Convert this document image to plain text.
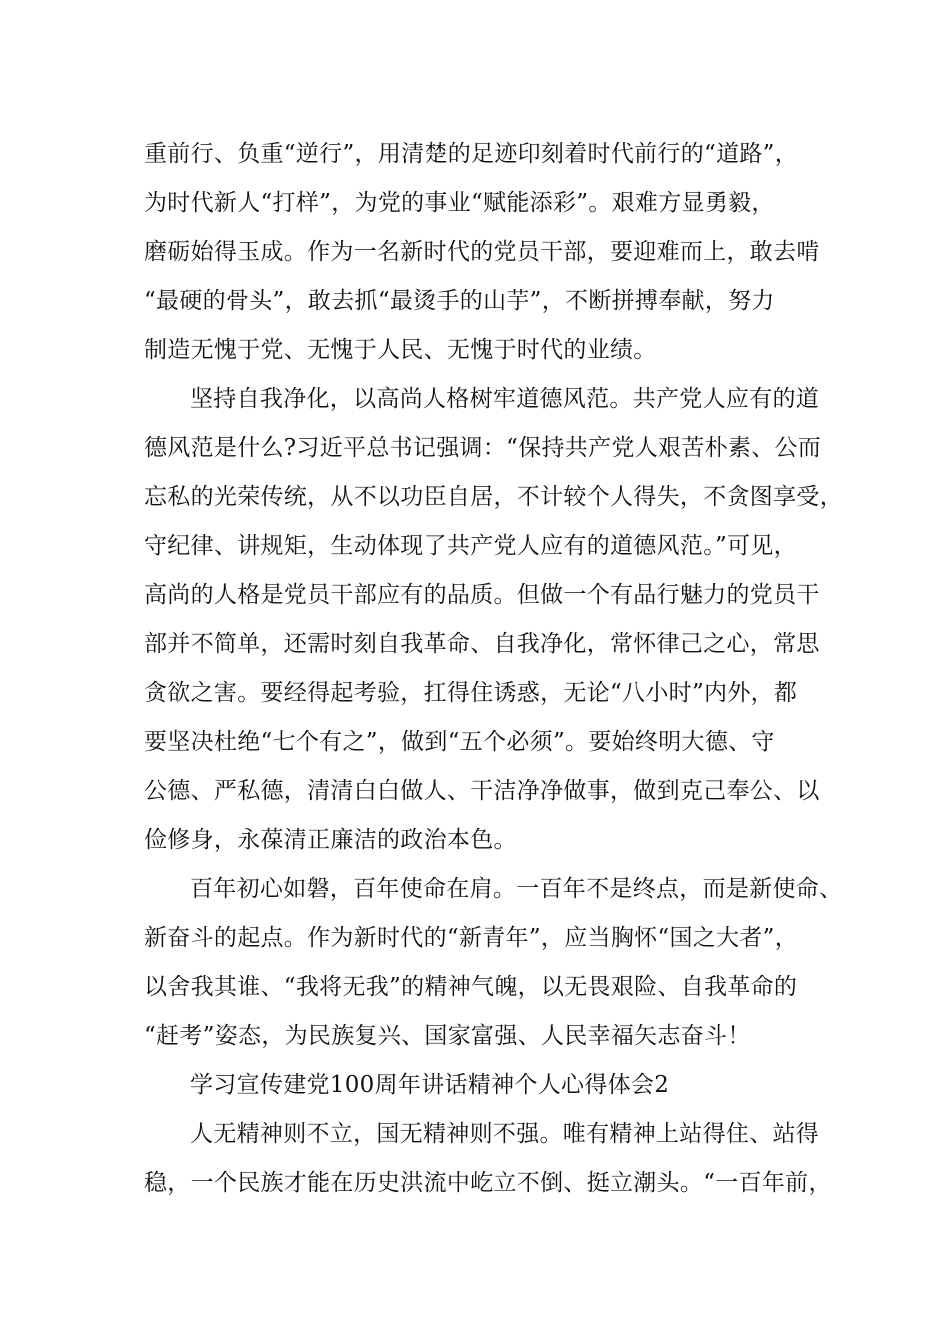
重前行、负重“逆行”，用清楚的足迹印刻着时代前行的“道路”，
为时代新人“打样”，为党的事业“赋能添彩”。艰难方显勇毅，
磨砺始得玉成。作为一名新时代的党员干部，要迎难而上，敢去啃
“最硬的骨头”，敢去抓“最烫手的山芋”，不断拼搏奉献，努力
制造无愧于党、无愧于人民、无愧于时代的业绩。
坚持自我净化，以高尚人格树牢道德风范。共产党人应有的道
德风范是什么?习近平总书记强调：“保持共产党人艰苦朴素、公而
忘私的光荣传统，从不以功臣自居，不计较个人得失，不贪图享受，
守纪律、讲规矩，生动体现了共产党人应有的道德风范。”可见，
高尚的人格是党员干部应有的品质。但做一个有品行魅力的党员干
部并不简单，还需时刻自我革命、自我净化，常怀律己之心，常思
贪欲之害。要经得起考验，扛得住诱惑，无论“八小时”内外，都
要坚决杜绝“七个有之”，做到“五个必须”。要始终明大德、守
公德、严私德，清清白白做人、干洁净净做事，做到克己奉公、以
俭修身，永葆清正廉洁的政治本色。
百年初心如磐，百年使命在肩。一百年不是终点，而是新使命、
新奋斗的起点。作为新时代的“新青年”，应当胸怀“国之大者”，
以舍我其谁、“我将无我”的精神气魄，以无畏艰险、自我革命的
“赶考”姿态，为民族复兴、国家富强、人民幸福矢志奋斗！
学习宣传建党100周年讲话精神个人心得体会2
人无精神则不立，国无精神则不强。唯有精神上站得住、站得
稳，一个民族才能在历史洪流中屹立不倒、挺立潮头。“一百年前，
